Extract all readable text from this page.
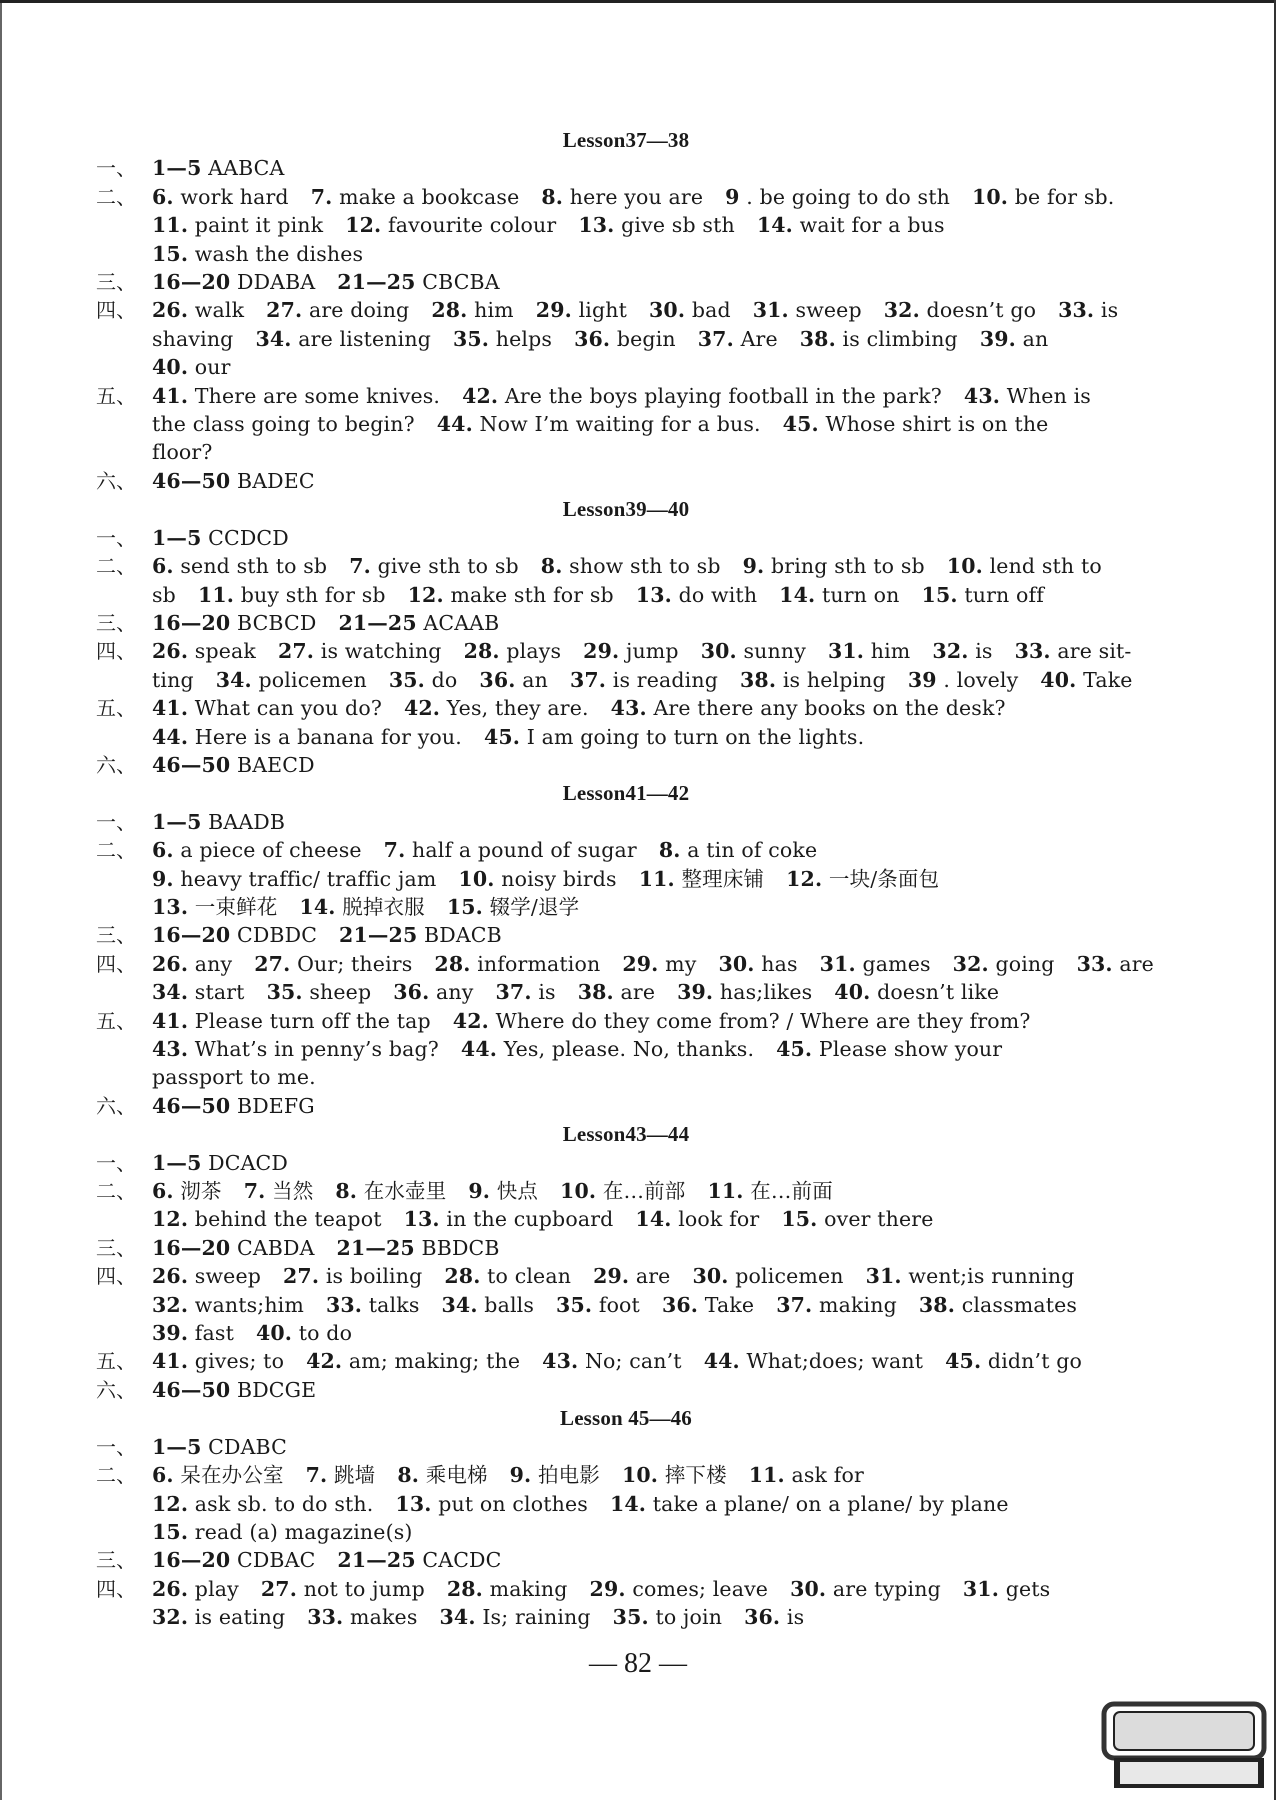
Lesson37—38
一、 1—5 AABCA
二、 6. work hard 7. make a bookcase 8. here you are 9 . be going to do sth 10. be for sb.
11. paint it pink 12. favourite colour 13. give sb sth 14. wait for a bus
15. wash the dishes
三、 16—20 DDABA 21—25 CBCBA
四、 26. walk 27. are doing 28. him 29. light 30. bad 31. sweep 32. doesn’t go 33. is
shaving 34. are listening 35. helps 36. begin 37. Are 38. is climbing 39. an
40. our
五、 41. There are some knives. 42. Are the boys playing football in the park? 43. When is
the class going to begin? 44. Now I’m waiting for a bus. 45. Whose shirt is on the
floor?
六、 46—50 BADEC
Lesson39—40
一、 1—5 CCDCD
二、 6. send sth to sb 7. give sth to sb 8. show sth to sb 9. bring sth to sb 10. lend sth to
sb 11. buy sth for sb 12. make sth for sb 13. do with 14. turn on 15. turn off
三、 16—20 BCBCD 21—25 ACAAB
四、 26. speak 27. is watching 28. plays 29. jump 30. sunny 31. him 32. is 33. are sit-
ting 34. policemen 35. do 36. an 37. is reading 38. is helping 39 . lovely 40. Take
五、 41. What can you do? 42. Yes, they are. 43. Are there any books on the desk?
44. Here is a banana for you. 45. I am going to turn on the lights.
六、 46—50 BAECD
Lesson41—42
一、 1—5 BAADB
二、 6. a piece of cheese 7. half a pound of sugar 8. a tin of coke
9. heavy traffic/ traffic jam 10. noisy birds 11. 整理床铺 12. 一块/条面包
13. 一束鲜花 14. 脱掉衣服 15. 辍学/退学
三、 16—20 CDBDC 21—25 BDACB
四、 26. any 27. Our; theirs 28. information 29. my 30. has 31. games 32. going 33. are
34. start 35. sheep 36. any 37. is 38. are 39. has;likes 40. doesn’t like
五、 41. Please turn off the tap 42. Where do they come from? / Where are they from?
43. What’s in penny’s bag? 44. Yes, please. No, thanks. 45. Please show your
passport to me.
六、 46—50 BDEFG
Lesson43—44
一、 1—5 DCACD
二、 6. 沏茶 7. 当然 8. 在水壶里 9. 快点 10. 在…前部 11. 在…前面
12. behind the teapot 13. in the cupboard 14. look for 15. over there
三、 16—20 CABDA 21—25 BBDCB
四、 26. sweep 27. is boiling 28. to clean 29. are 30. policemen 31. went;is running
32. wants;him 33. talks 34. balls 35. foot 36. Take 37. making 38. classmates
39. fast 40. to do
五、 41. gives; to 42. am; making; the 43. No; can’t 44. What;does; want 45. didn’t go
六、 46—50 BDCGE
Lesson 45—46
一、 1—5 CDABC
二、 6. 呆在办公室 7. 跳墙 8. 乘电梯 9. 拍电影 10. 摔下楼 11. ask for
12. ask sb. to do sth. 13. put on clothes 14. take a plane/ on a plane/ by plane
15. read (a) magazine(s)
三、 16—20 CDBAC 21—25 CACDC
四、 26. play 27. not to jump 28. making 29. comes; leave 30. are typing 31. gets
32. is eating 33. makes 34. Is; raining 35. to join 36. is
— 82 —
